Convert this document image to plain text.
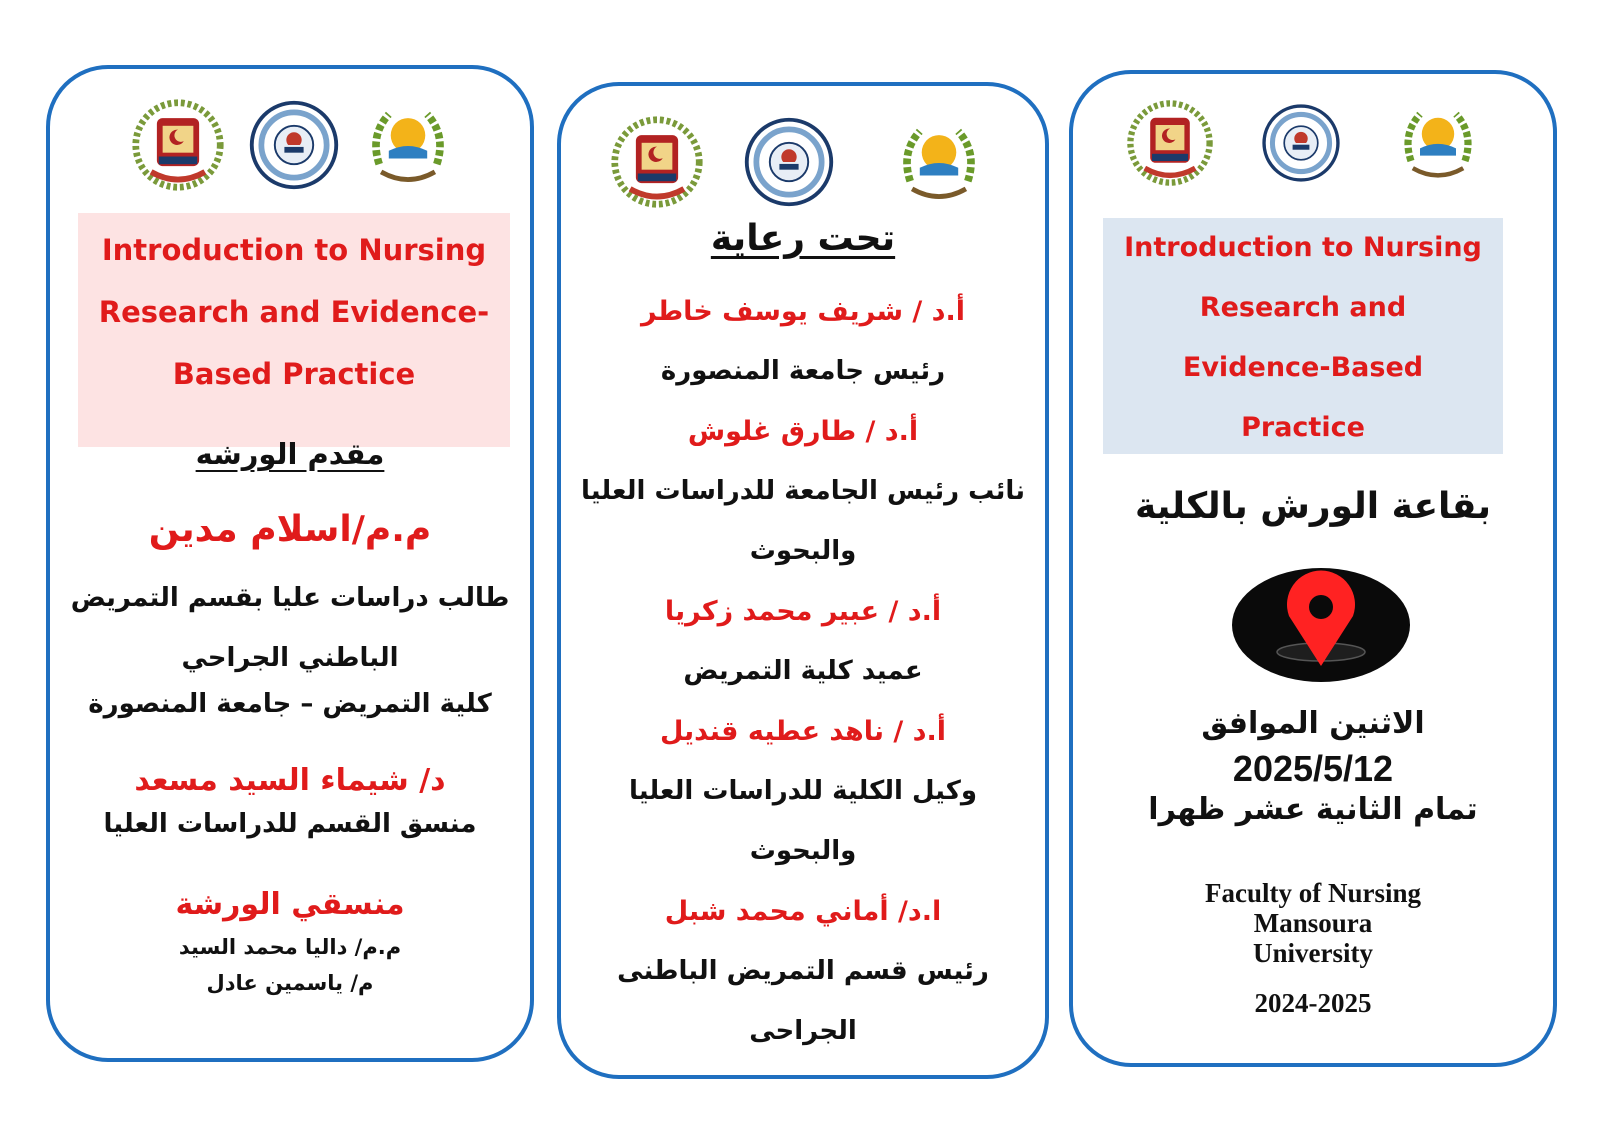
Introduction to Nursing
Research and Evidence-
Based Practice
مقدم الورشه
م.م/اسلام مدين
طالب دراسات عليا بقسم التمريض
الباطني الجراحي
كلية التمريض – جامعة المنصورة
د/ شيماء السيد مسعد
منسق القسم للدراسات العليا
منسقي الورشة
م.م/ داليا محمد السيد
م/ ياسمين عادل
تحت رعاية
أ.د / شريف يوسف خاطر
رئيس جامعة المنصورة
أ.د / طارق غلوش
نائب رئيس الجامعة للدراسات العليا
والبحوث
أ.د / عبير محمد زكريا
عميد كلية التمريض
أ.د / ناهد عطيه قنديل
وكيل الكلية للدراسات العليا
والبحوث
ا.د/ أماني محمد شبل
رئيس قسم التمريض الباطنى
الجراحى
Introduction to Nursing
Research and
Evidence-Based
Practice
بقاعة الورش بالكلية
الاثنين الموافق
2025/5/12
تمام الثانية عشر ظهرا
Faculty of Nursing
Mansoura
University
2024-2025
